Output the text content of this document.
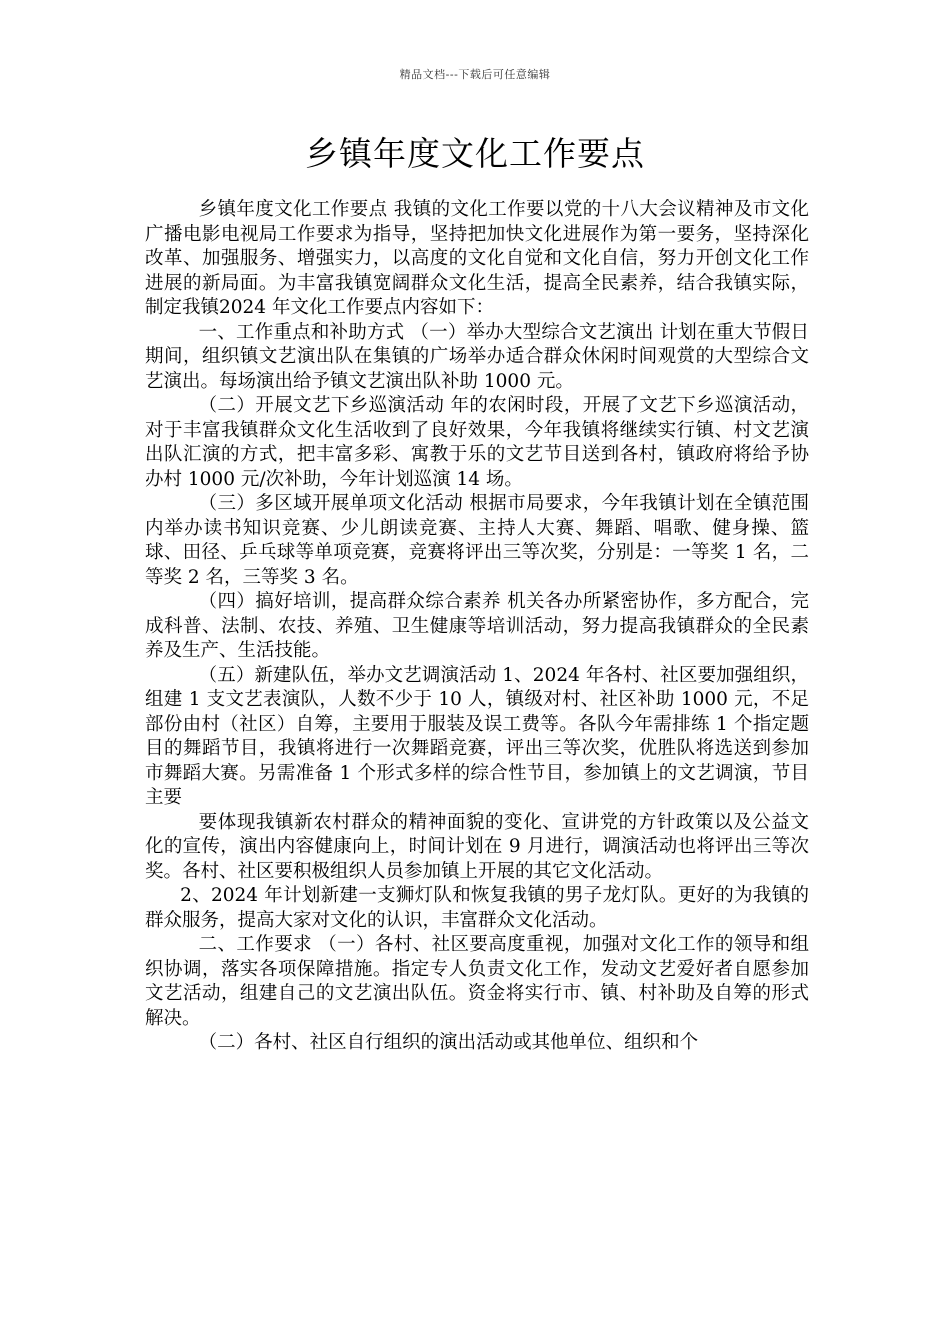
精品文档---下载后可任意编辑
乡镇年度文化工作要点

乡镇年度文化工作要点 我镇的文化工作要以党的十八大会议精神及市文化广播电影电视局工作要求为指导，坚持把加快文化进展作为第一要务，坚持深化改革、加强服务、增强实力，以高度的文化自觉和文化自信，努力开创文化工作进展的新局面。为丰富我镇宽阔群众文化生活，提高全民素养，结合我镇实际，制定我镇2024 年文化工作要点内容如下：

一、工作重点和补助方式 （一）举办大型综合文艺演出 计划在重大节假日期间，组织镇文艺演出队在集镇的广场举办适合群众休闲时间观赏的大型综合文艺演出。每场演出给予镇文艺演出队补助 1000 元。

（二）开展文艺下乡巡演活动 年的农闲时段，开展了文艺下乡巡演活动，对于丰富我镇群众文化生活收到了良好效果，今年我镇将继续实行镇、村文艺演出队汇演的方式，把丰富多彩、寓教于乐的文艺节目送到各村，镇政府将给予协办村 1000 元/次补助，今年计划巡演 14 场。

（三）多区域开展单项文化活动 根据市局要求，今年我镇计划在全镇范围内举办读书知识竞赛、少儿朗读竞赛、主持人大赛、舞蹈、唱歌、健身操、篮球、田径、乒乓球等单项竞赛，竞赛将评出三等次奖，分别是：一等奖 1 名，二等奖 2 名，三等奖 3 名。

（四）搞好培训，提高群众综合素养 机关各办所紧密协作，多方配合，完成科普、法制、农技、养殖、卫生健康等培训活动，努力提高我镇群众的全民素养及生产、生活技能。

（五）新建队伍，举办文艺调演活动 1、2024 年各村、社区要加强组织，组建 1 支文艺表演队，人数不少于 10 人，镇级对村、社区补助 1000 元，不足部份由村（社区）自筹，主要用于服装及误工费等。各队今年需排练 1 个指定题目的舞蹈节目，我镇将进行一次舞蹈竞赛，评出三等次奖，优胜队将选送到参加市舞蹈大赛。另需准备 1 个形式多样的综合性节目，参加镇上的文艺调演，节目主要

要体现我镇新农村群众的精神面貌的变化、宣讲党的方针政策以及公益文化的宣传，演出内容健康向上，时间计划在 9 月进行，调演活动也将评出三等次奖。各村、社区要积极组织人员参加镇上开展的其它文化活动。

2、2024 年计划新建一支狮灯队和恢复我镇的男子龙灯队。更好的为我镇的群众服务，提高大家对文化的认识，丰富群众文化活动。

二、工作要求 （一）各村、社区要高度重视，加强对文化工作的领导和组织协调，落实各项保障措施。指定专人负责文化工作，发动文艺爱好者自愿参加文艺活动，组建自己的文艺演出队伍。资金将实行市、镇、村补助及自筹的形式解决。

（二）各村、社区自行组织的演出活动或其他单位、组织和个
